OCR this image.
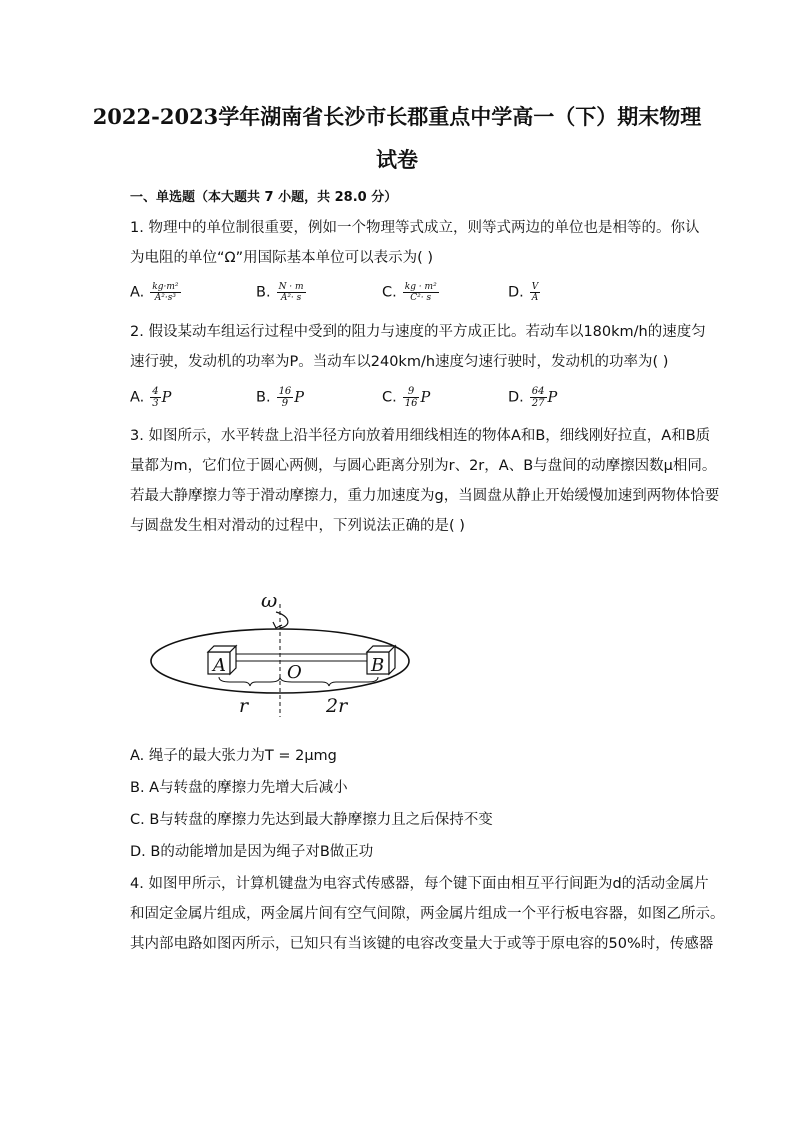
2022-2023学年湖南省长沙市长郡重点中学高一（下）期末物理
试卷
一、单选题（本大题共 7 小题，共 28.0 分）
1. 物理中的单位制很重要，例如一个物理等式成立，则等式两边的单位也是相等的。你认
为电阻的单位“Ω”用国际基本单位可以表示为( )
A. $\frac{\text{kg·m²}}{\text{A²·s³}}$	B. $\frac{N \cdot m}{\text{A²· s}}$	C. $\frac{\text{kg · m²}}{\text{C²· s}}$	D. $\frac{V}{A}$
2. 假设某动车组运行过程中受到的阻力与速度的平方成正比。若动车以180km/h的速度匀
速行驶，发动机的功率为P。当动车以240km/h速度匀速行驶时，发动机的功率为( )
A. $\frac{4}{3}$ P	B. $\frac{16}{9}$ P	C. $\frac{9}{16}$ P	D. $\frac{64}{27}$ P
3. 如图所示，水平转盘上沿半径方向放着用细线相连的物体A和B，细线刚好拉直，A和B质
量都为m，它们位于圆心两侧，与圆心距离分别为r、2r，A、B与盘间的动摩擦因数μ相同。
若最大静摩擦力等于滑动摩擦力，重力加速度为g，当圆盘从静止开始缓慢加速到两物体恰要
与圆盘发生相对滑动的过程中，下列说法正确的是( )
ω
A	B
O
r	2r
A. 绳子的最大张力为T = 2μmg
B. A与转盘的摩擦力先增大后减小
C. B与转盘的摩擦力先达到最大静摩擦力且之后保持不变
D. B的动能增加是因为绳子对B做正功
4. 如图甲所示，计算机键盘为电容式传感器，每个键下面由相互平行间距为d的活动金属片
和固定金属片组成，两金属片间有空气间隙，两金属片组成一个平行板电容器，如图乙所示。
其内部电路如图丙所示，已知只有当该键的电容改变量大于或等于原电容的50%时，传感器
